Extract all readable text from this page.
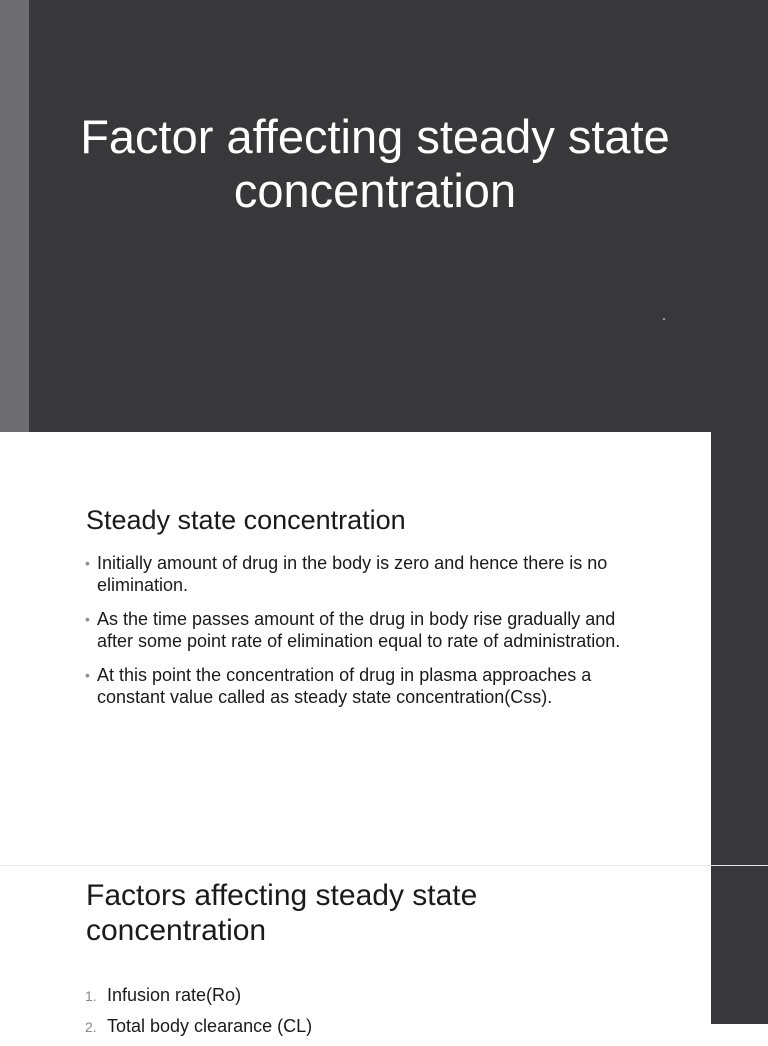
Factor affecting steady state concentration
Steady state concentration
• Initially amount of drug in the body is zero and hence there is no elimination.
• As the time passes amount of the drug in body rise gradually and after some point rate of elimination equal to rate of administration.
• At this point the concentration of drug in plasma approaches a constant value called as steady state concentration(Css).
Factors affecting steady state concentration
1. Infusion rate(Ro)
2. Total body clearance (CL)
